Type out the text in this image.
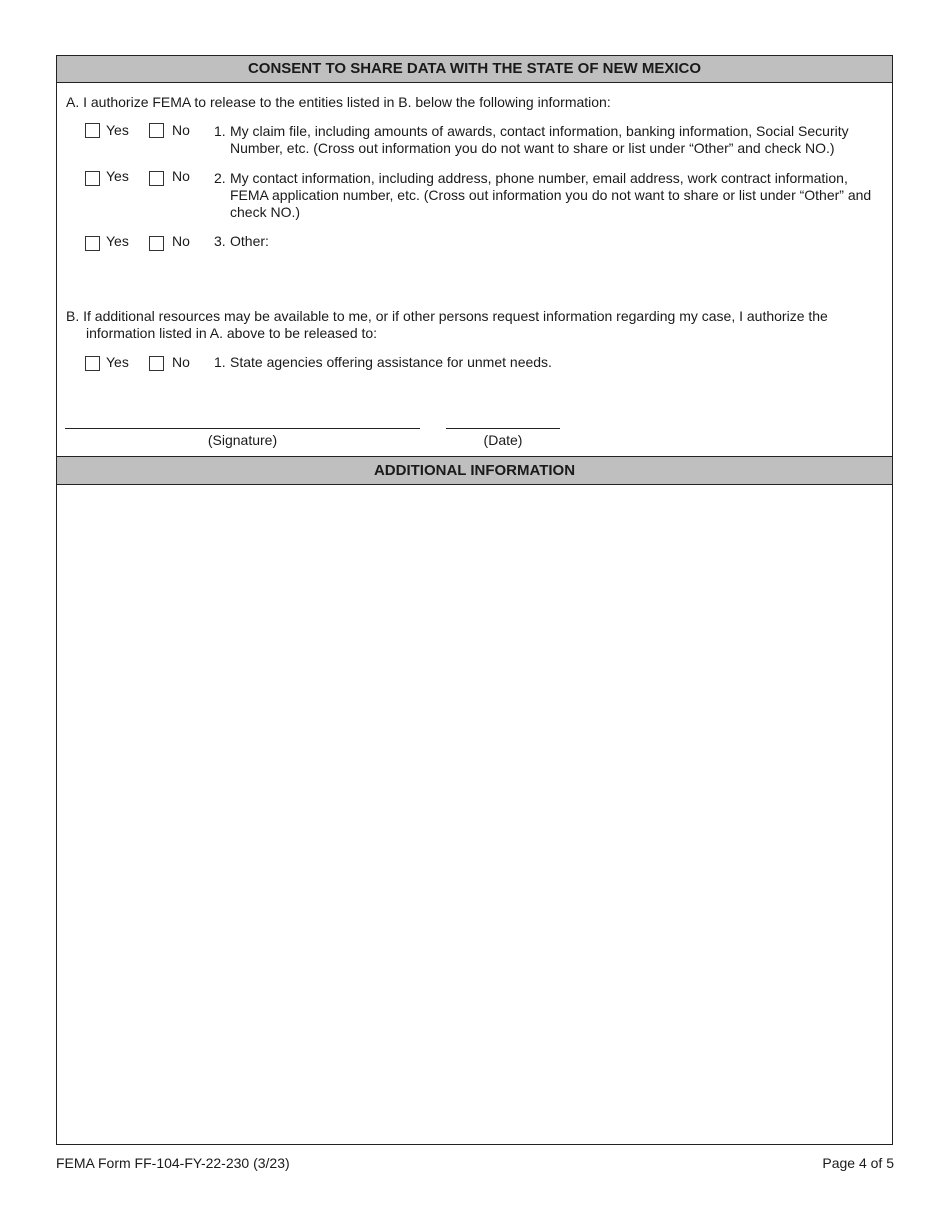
CONSENT TO SHARE DATA WITH THE STATE OF NEW MEXICO
A. I authorize FEMA to release to the entities listed in B. below the following information:
Yes	No 1. My claim file, including amounts of awards, contact information, banking information, Social Security Number, etc. (Cross out information you do not want to share or list under “Other” and check NO.)
Yes	No 2. My contact information, including address, phone number, email address, work contract information, FEMA application number, etc. (Cross out information you do not want to share or list under “Other” and check NO.)
Yes	No 3. Other:
B. If additional resources may be available to me, or if other persons request information regarding my case, I authorize the
information listed in A. above to be released to:
Yes	No 1. State agencies offering assistance for unmet needs.
(Signature)	(Date)
ADDITIONAL INFORMATION
FEMA Form FF-104-FY-22-230 (3/23)	Page 4 of 5
